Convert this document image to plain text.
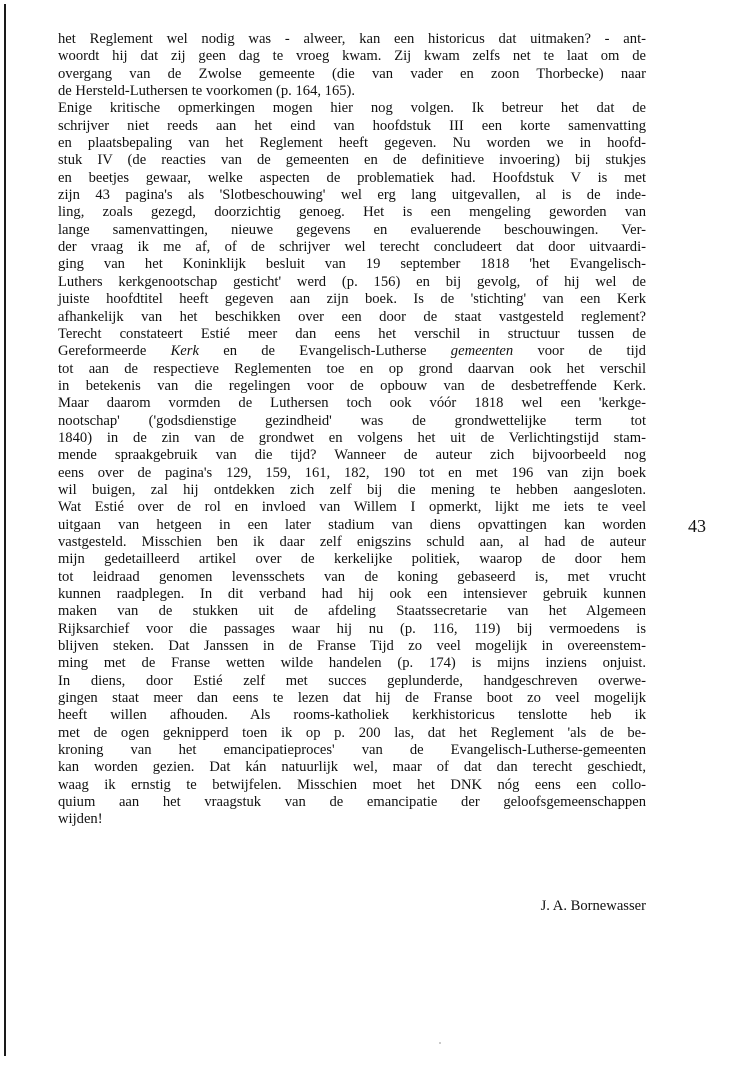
het Reglement wel nodig was - alweer, kan een historicus dat uitmaken? - ant-
woordt hij dat zij geen dag te vroeg kwam. Zij kwam zelfs net te laat om de
overgang van de Zwolse gemeente (die van vader en zoon Thorbecke) naar
de Hersteld-Luthersen te voorkomen (p. 164, 165).
Enige kritische opmerkingen mogen hier nog volgen. Ik betreur het dat de
schrijver niet reeds aan het eind van hoofdstuk III een korte samenvatting
en plaatsbepaling van het Reglement heeft gegeven. Nu worden we in hoofd-
stuk IV (de reacties van de gemeenten en de definitieve invoering) bij stukjes
en beetjes gewaar, welke aspecten de problematiek had. Hoofdstuk V is met
zijn 43 pagina's als 'Slotbeschouwing' wel erg lang uitgevallen, al is de inde-
ling, zoals gezegd, doorzichtig genoeg. Het is een mengeling geworden van
lange samenvattingen, nieuwe gegevens en evaluerende beschouwingen. Ver-
der vraag ik me af, of de schrijver wel terecht concludeert dat door uitvaardi-
ging van het Koninklijk besluit van 19 september 1818 'het Evangelisch-
Luthers kerkgenootschap gesticht' werd (p. 156) en bij gevolg, of hij wel de
juiste hoofdtitel heeft gegeven aan zijn boek. Is de 'stichting' van een Kerk
afhankelijk van het beschikken over een door de staat vastgesteld reglement?
Terecht constateert Estié meer dan eens het verschil in structuur tussen de
Gereformeerde Kerk en de Evangelisch-Lutherse gemeenten voor de tijd
tot aan de respectieve Reglementen toe en op grond daarvan ook het verschil
in betekenis van die regelingen voor de opbouw van de desbetreffende Kerk.
Maar daarom vormden de Luthersen toch ook vóór 1818 wel een 'kerkge-
nootschap' ('godsdienstige gezindheid' was de grondwettelijke term tot
1840) in de zin van de grondwet en volgens het uit de Verlichtingstijd stam-
mende spraakgebruik van die tijd? Wanneer de auteur zich bijvoorbeeld nog
eens over de pagina's 129, 159, 161, 182, 190 tot en met 196 van zijn boek
wil buigen, zal hij ontdekken zich zelf bij die mening te hebben aangesloten.
Wat Estié over de rol en invloed van Willem I opmerkt, lijkt me iets te veel
uitgaan van hetgeen in een later stadium van diens opvattingen kan worden
vastgesteld. Misschien ben ik daar zelf enigszins schuld aan, al had de auteur
mijn gedetailleerd artikel over de kerkelijke politiek, waarop de door hem
tot leidraad genomen levensschets van de koning gebaseerd is, met vrucht
kunnen raadplegen. In dit verband had hij ook een intensiever gebruik kunnen
maken van de stukken uit de afdeling Staatssecretarie van het Algemeen
Rijksarchief voor die passages waar hij nu (p. 116, 119) bij vermoedens is
blijven steken. Dat Janssen in de Franse Tijd zo veel mogelijk in overeenstem-
ming met de Franse wetten wilde handelen (p. 174) is mijns inziens onjuist.
In diens, door Estié zelf met succes geplunderde, handgeschreven overwe-
gingen staat meer dan eens te lezen dat hij de Franse boot zo veel mogelijk
heeft willen afhouden. Als rooms-katholiek kerkhistoricus tenslotte heb ik
met de ogen geknipperd toen ik op p. 200 las, dat het Reglement 'als de be-
kroning van het emancipatieproces' van de Evangelisch-Lutherse-gemeenten
kan worden gezien. Dat kán natuurlijk wel, maar of dat dan terecht geschiedt,
waag ik ernstig te betwijfelen. Misschien moet het DNK nóg eens een collo-
quium aan het vraagstuk van de emancipatie der geloofsgemeenschappen
wijden!
J. A. Bornewasser
43
